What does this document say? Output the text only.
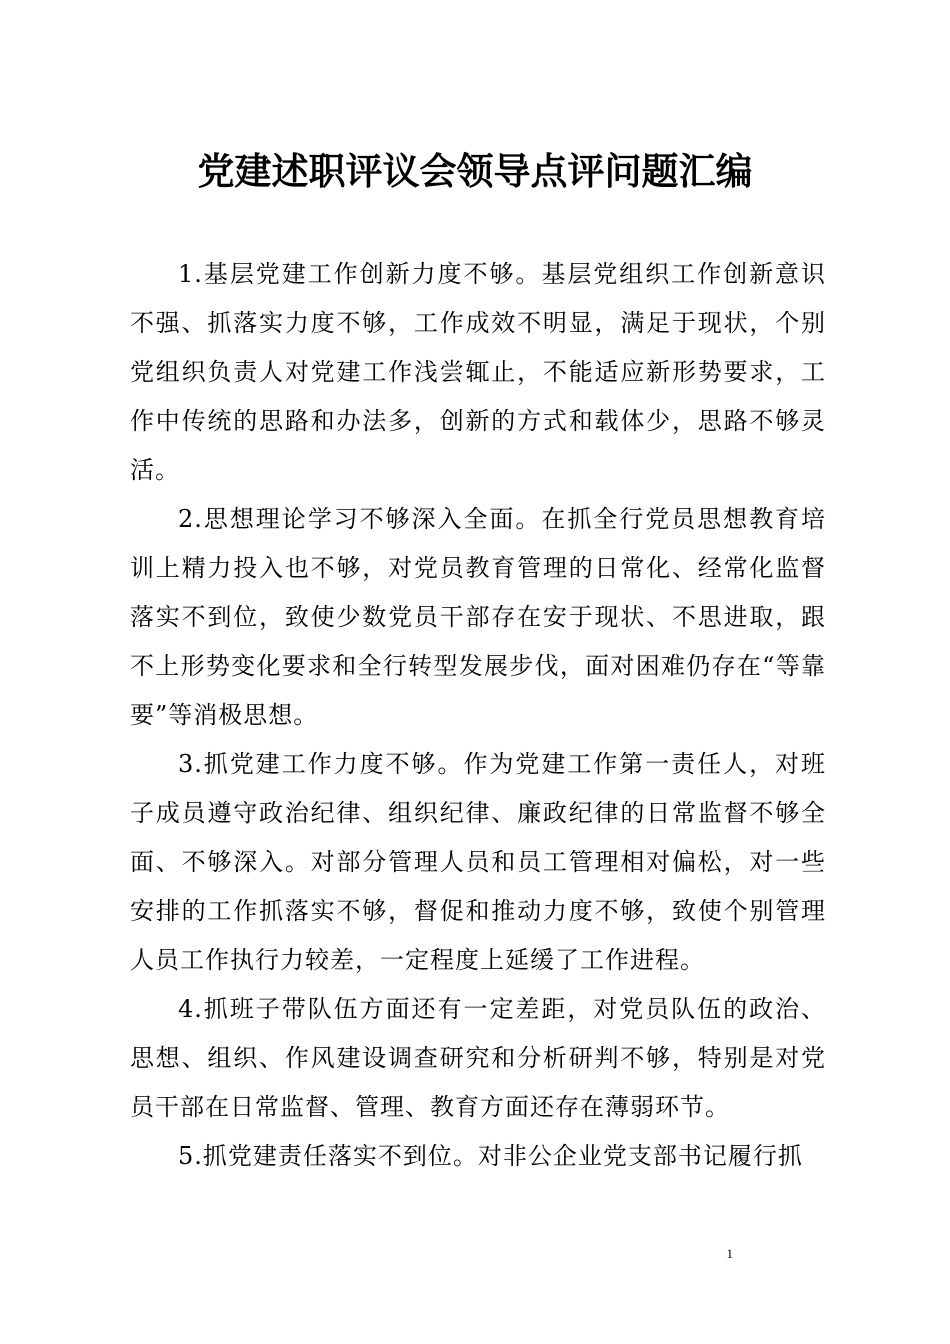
党建述职评议会领导点评问题汇编

1.基层党建工作创新力度不够。基层党组织工作创新意识不强、抓落实力度不够，工作成效不明显，满足于现状，个别党组织负责人对党建工作浅尝辄止，不能适应新形势要求，工作中传统的思路和办法多，创新的方式和载体少，思路不够灵活。

2.思想理论学习不够深入全面。在抓全行党员思想教育培训上精力投入也不够，对党员教育管理的日常化、经常化监督落实不到位，致使少数党员干部存在安于现状、不思进取，跟不上形势变化要求和全行转型发展步伐，面对困难仍存在“等靠要”等消极思想。

3.抓党建工作力度不够。作为党建工作第一责任人，对班子成员遵守政治纪律、组织纪律、廉政纪律的日常监督不够全面、不够深入。对部分管理人员和员工管理相对偏松，对一些安排的工作抓落实不够，督促和推动力度不够，致使个别管理人员工作执行力较差，一定程度上延缓了工作进程。

4.抓班子带队伍方面还有一定差距，对党员队伍的政治、思想、组织、作风建设调查研究和分析研判不够，特别是对党员干部在日常监督、管理、教育方面还存在薄弱环节。

5.抓党建责任落实不到位。对非公企业党支部书记履行抓

1
